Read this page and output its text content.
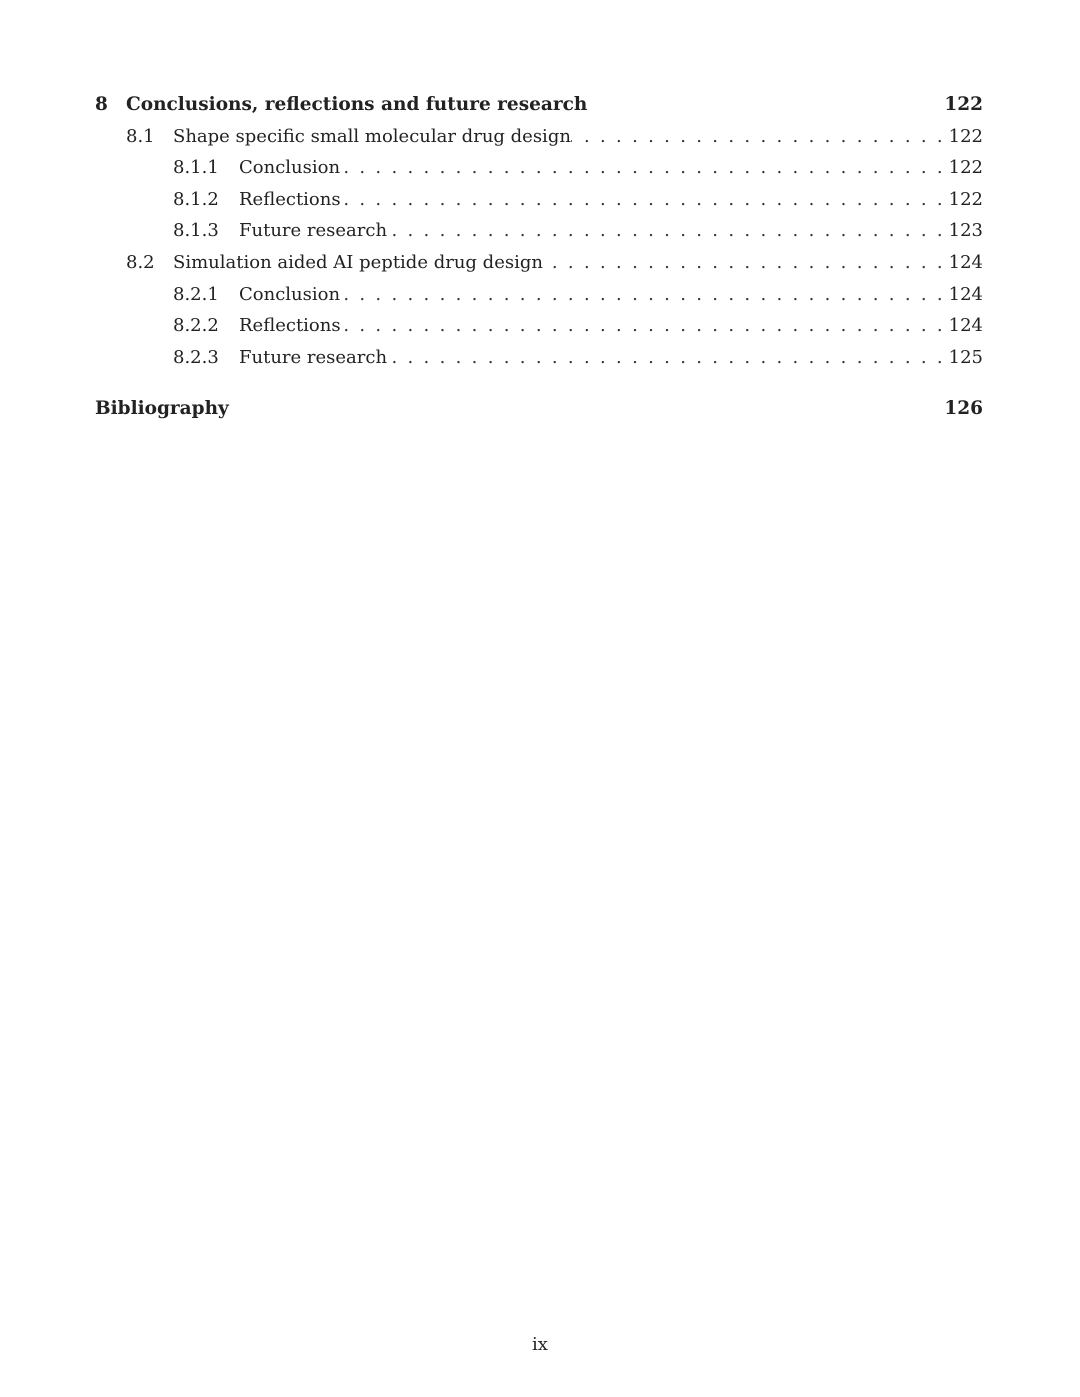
8 Conclusions, reflections and future research	122
8.1	Shape specific small molecular drug design . . .	122
8.1.1	Conclusion . . .	122
8.1.2	Reflections . . .	122
8.1.3	Future research . . .	123
8.2	Simulation aided AI peptide drug design . . .	124
8.2.1	Conclusion . . .	124
8.2.2	Reflections . . .	124
8.2.3	Future research . . .	125
Bibliography	126
ix
